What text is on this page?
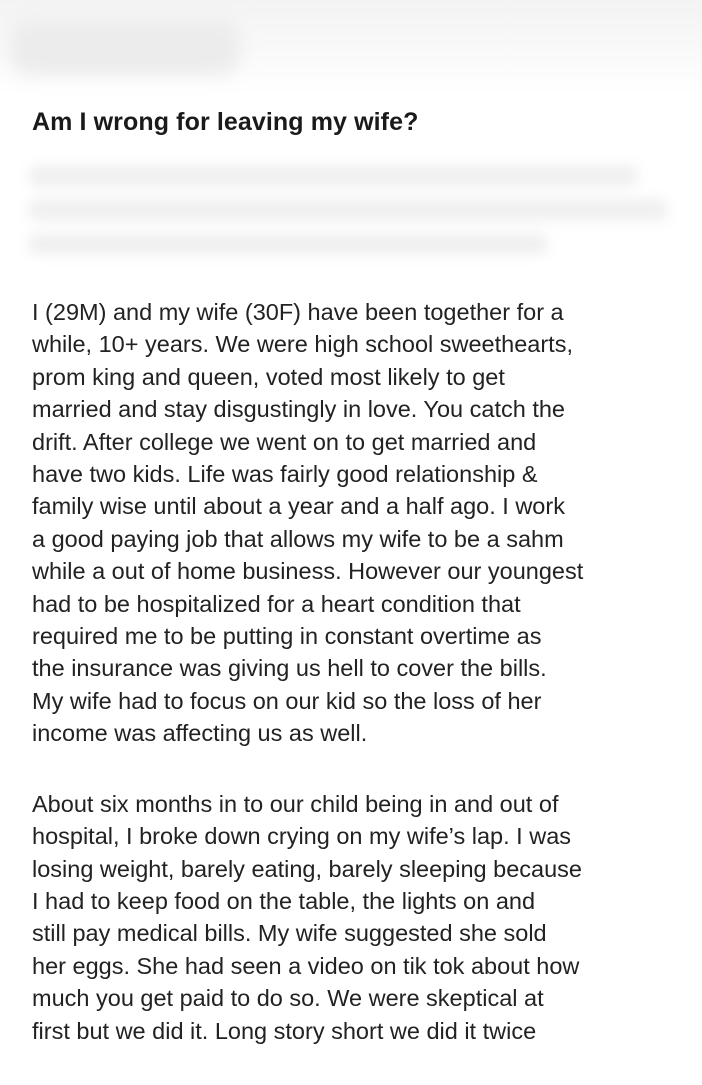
Am I wrong for leaving my wife?

I (29M) and my wife (30F) have been together for a
while, 10+ years. We were high school sweethearts,
prom king and queen, voted most likely to get
married and stay disgustingly in love. You catch the
drift. After college we went on to get married and
have two kids. Life was fairly good relationship &
family wise until about a year and a half ago. I work
a good paying job that allows my wife to be a sahm
while a out of home business. However our youngest
had to be hospitalized for a heart condition that
required me to be putting in constant overtime as
the insurance was giving us hell to cover the bills.
My wife had to focus on our kid so the loss of her
income was affecting us as well.

About six months in to our child being in and out of
hospital, I broke down crying on my wife’s lap. I was
losing weight, barely eating, barely sleeping because
I had to keep food on the table, the lights on and
still pay medical bills. My wife suggested she sold
her eggs. She had seen a video on tik tok about how
much you get paid to do so. We were skeptical at
first but we did it. Long story short we did it twice
